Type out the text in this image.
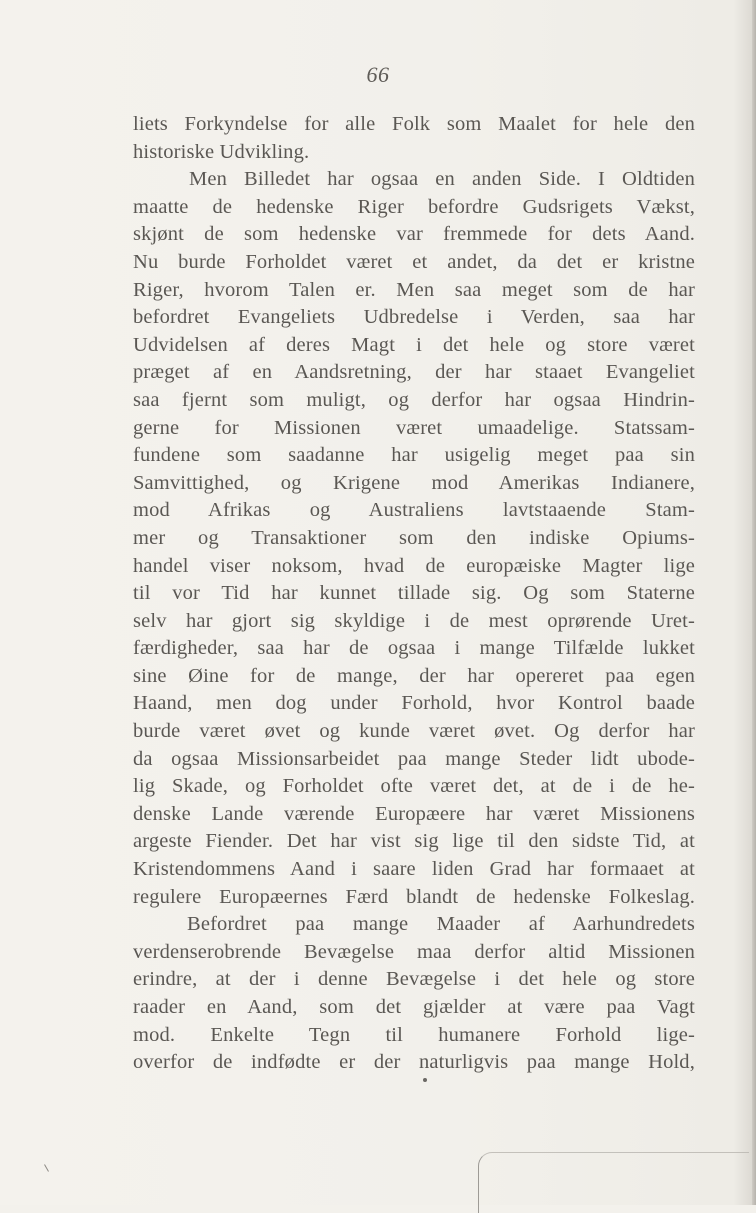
66
liets Forkyndelse for alle Folk som Maalet for hele den
historiske Udvikling.
Men Billedet har ogsaa en anden Side. I Oldtiden
maatte de hedenske Riger befordre Gudsrigets Vækst,
skjønt de som hedenske var fremmede for dets Aand.
Nu burde Forholdet været et andet, da det er kristne
Riger, hvorom Talen er. Men saa meget som de har
befordret Evangeliets Udbredelse i Verden, saa har
Udvidelsen af deres Magt i det hele og store været
præget af en Aandsretning, der har staaet Evangeliet
saa fjernt som muligt, og derfor har ogsaa Hindrin-
gerne for Missionen været umaadelige. Statssam-
fundene som saadanne har usigelig meget paa sin
Samvittighed, og Krigene mod Amerikas Indianere,
mod Afrikas og Australiens lavtstaaende Stam-
mer og Transaktioner som den indiske Opiums-
handel viser noksom, hvad de europæiske Magter lige
til vor Tid har kunnet tillade sig. Og som Staterne
selv har gjort sig skyldige i de mest oprørende Uret-
færdigheder, saa har de ogsaa i mange Tilfælde lukket
sine Øine for de mange, der har opereret paa egen
Haand, men dog under Forhold, hvor Kontrol baade
burde været øvet og kunde været øvet. Og derfor har
da ogsaa Missionsarbeidet paa mange Steder lidt ubode-
lig Skade, og Forholdet ofte været det, at de i de he-
denske Lande værende Europæere har været Missionens
argeste Fiender. Det har vist sig lige til den sidste Tid, at
Kristendommens Aand i saare liden Grad har formaaet at
regulere Europæernes Færd blandt de hedenske Folkeslag.
Befordret paa mange Maader af Aarhundredets
verdenserobrende Bevægelse maa derfor altid Missionen
erindre, at der i denne Bevægelse i det hele og store
raader en Aand, som det gjælder at være paa Vagt
mod. Enkelte Tegn til humanere Forhold lige-
overfor de indfødte er der naturligvis paa mange Hold,
